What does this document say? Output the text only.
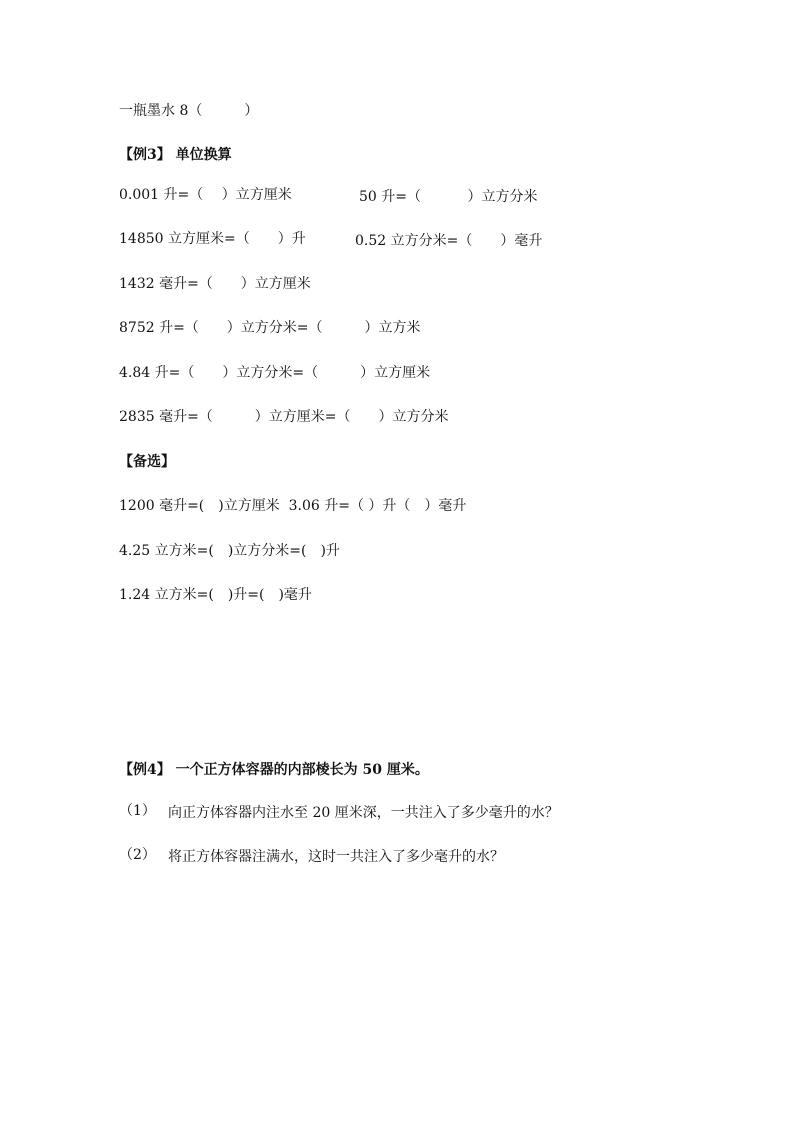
一瓶墨水 8（　　　）
【例3】 单位换算
0.001 升=（　 ）立方厘米	50 升=（　　　 ）立方分米
14850 立方厘米=（　　）升	0.52 立方分米=（　　）毫升
1432 毫升=（　　）立方厘米
8752 升=（　　）立方分米=（　　　）立方米
4.84 升=（　　）立方分米=（　　　）立方厘米
2835 毫升=（　　　）立方厘米=（　　）立方分米
【备选】
1200 毫升=(　)立方厘米  3.06 升=（ ）升（　）毫升
4.25 立方米=(　)立方分米=(　)升
1.24 立方米=(　)升=(　)毫升
【例4】 一个正方体容器的内部棱长为 50 厘米。
（1） 向正方体容器内注水至 20 厘米深，一共注入了多少毫升的水？
（2） 将正方体容器注满水，这时一共注入了多少毫升的水？
